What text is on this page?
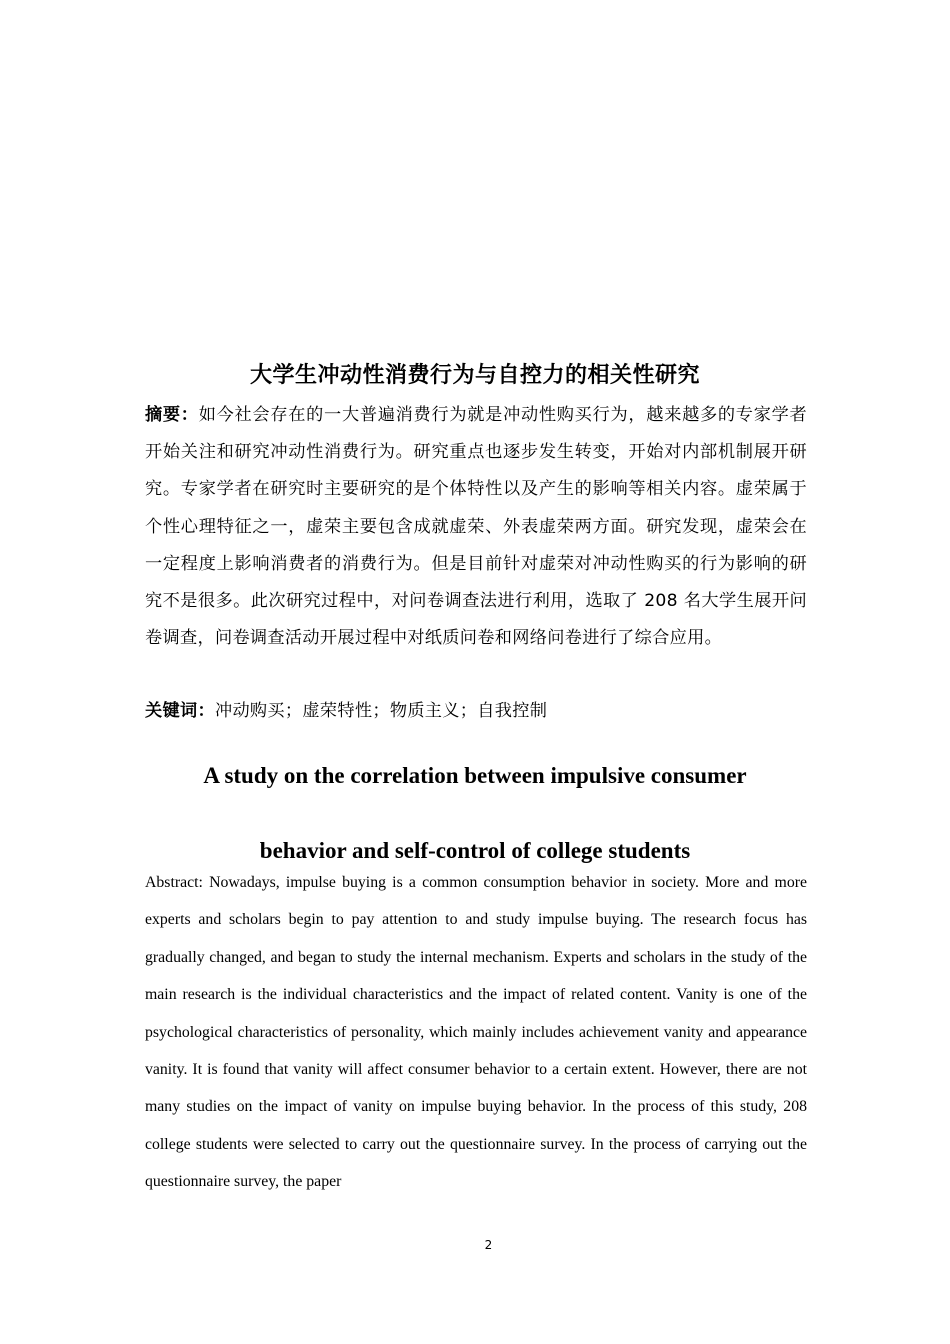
大学生冲动性消费行为与自控力的相关性研究
摘要：如今社会存在的一大普遍消费行为就是冲动性购买行为，越来越多的专家学者开始关注和研究冲动性消费行为。研究重点也逐步发生转变，开始对内部机制展开研究。专家学者在研究时主要研究的是个体特性以及产生的影响等相关内容。虚荣属于个性心理特征之一，虚荣主要包含成就虚荣、外表虚荣两方面。研究发现，虚荣会在一定程度上影响消费者的消费行为。但是目前针对虚荣对冲动性购买的行为影响的研究不是很多。此次研究过程中，对问卷调查法进行利用，选取了 208 名大学生展开问卷调查，问卷调查活动开展过程中对纸质问卷和网络问卷进行了综合应用。
关键词：冲动购买；虚荣特性；物质主义；自我控制
A study on the correlation between impulsive consumer behavior and self-control of college students
Abstract: Nowadays, impulse buying is a common consumption behavior in society. More and more experts and scholars begin to pay attention to and study impulse buying. The research focus has gradually changed, and began to study the internal mechanism. Experts and scholars in the study of the main research is the individual characteristics and the impact of related content. Vanity is one of the psychological characteristics of personality, which mainly includes achievement vanity and appearance vanity. It is found that vanity will affect consumer behavior to a certain extent. However, there are not many studies on the impact of vanity on impulse buying behavior. In the process of this study, 208 college students were selected to carry out the questionnaire survey. In the process of carrying out the questionnaire survey, the paper
2
